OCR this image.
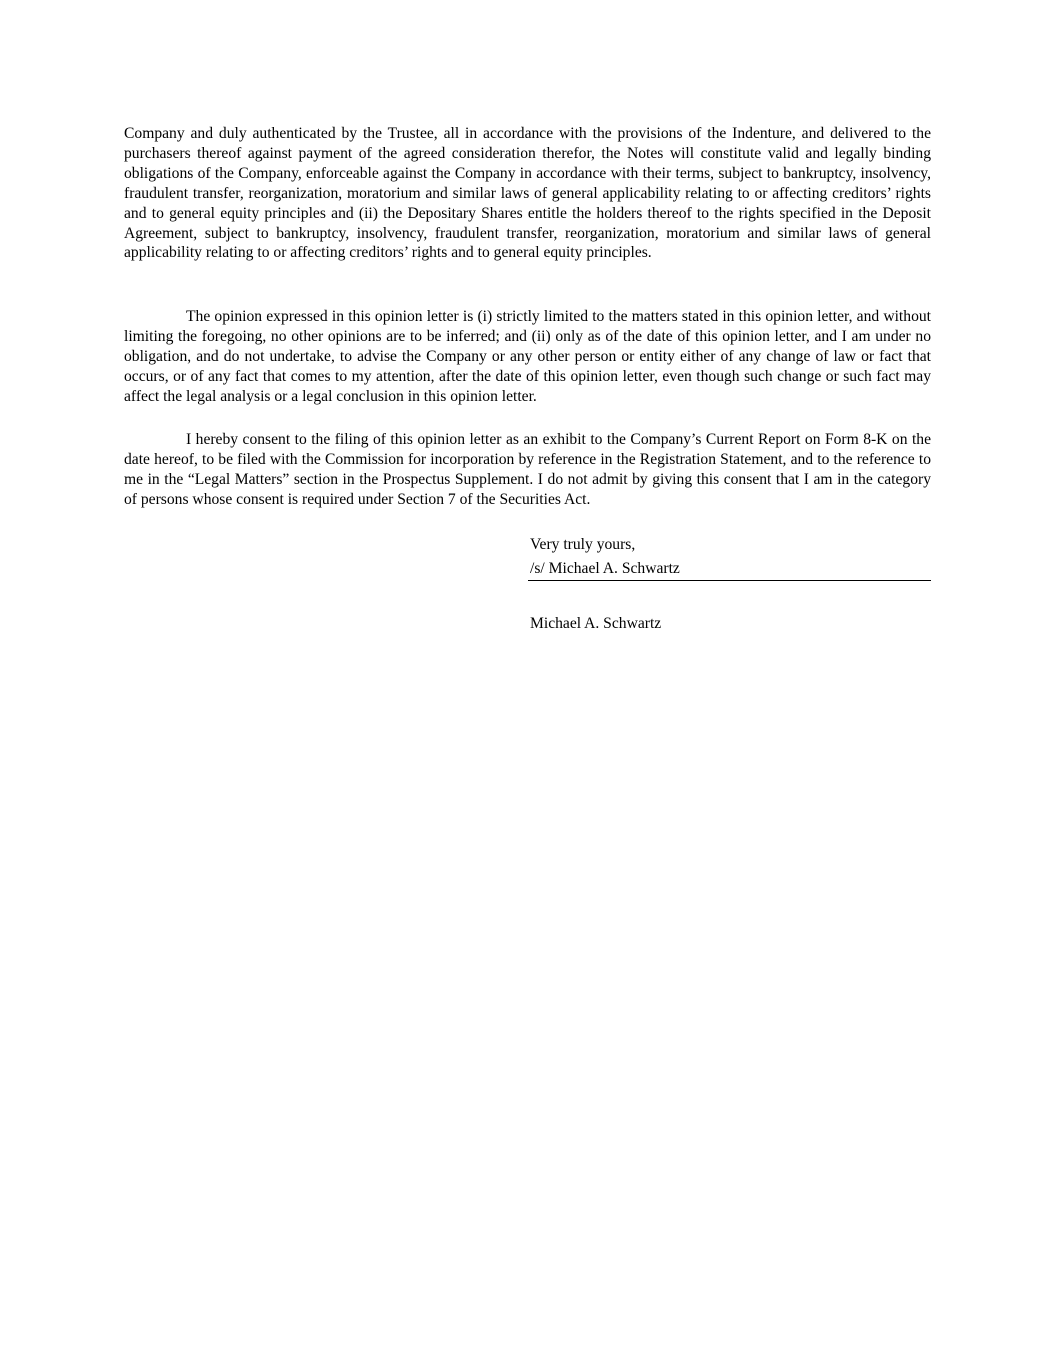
Company and duly authenticated by the Trustee, all in accordance with the provisions of the Indenture, and delivered to the purchasers thereof against payment of the agreed consideration therefor, the Notes will constitute valid and legally binding obligations of the Company, enforceable against the Company in accordance with their terms, subject to bankruptcy, insolvency, fraudulent transfer, reorganization, moratorium and similar laws of general applicability relating to or affecting creditors’ rights and to general equity principles and (ii) the Depositary Shares entitle the holders thereof to the rights specified in the Deposit Agreement, subject to bankruptcy, insolvency, fraudulent transfer, reorganization, moratorium and similar laws of general applicability relating to or affecting creditors’ rights and to general equity principles.

The opinion expressed in this opinion letter is (i) strictly limited to the matters stated in this opinion letter, and without limiting the foregoing, no other opinions are to be inferred; and (ii) only as of the date of this opinion letter, and I am under no obligation, and do not undertake, to advise the Company or any other person or entity either of any change of law or fact that occurs, or of any fact that comes to my attention, after the date of this opinion letter, even though such change or such fact may affect the legal analysis or a legal conclusion in this opinion letter.

I hereby consent to the filing of this opinion letter as an exhibit to the Company’s Current Report on Form 8-K on the date hereof, to be filed with the Commission for incorporation by reference in the Registration Statement, and to the reference to me in the “Legal Matters” section in the Prospectus Supplement. I do not admit by giving this consent that I am in the category of persons whose consent is required under Section 7 of the Securities Act.

Very truly yours,

/s/ Michael A. Schwartz

Michael A. Schwartz
